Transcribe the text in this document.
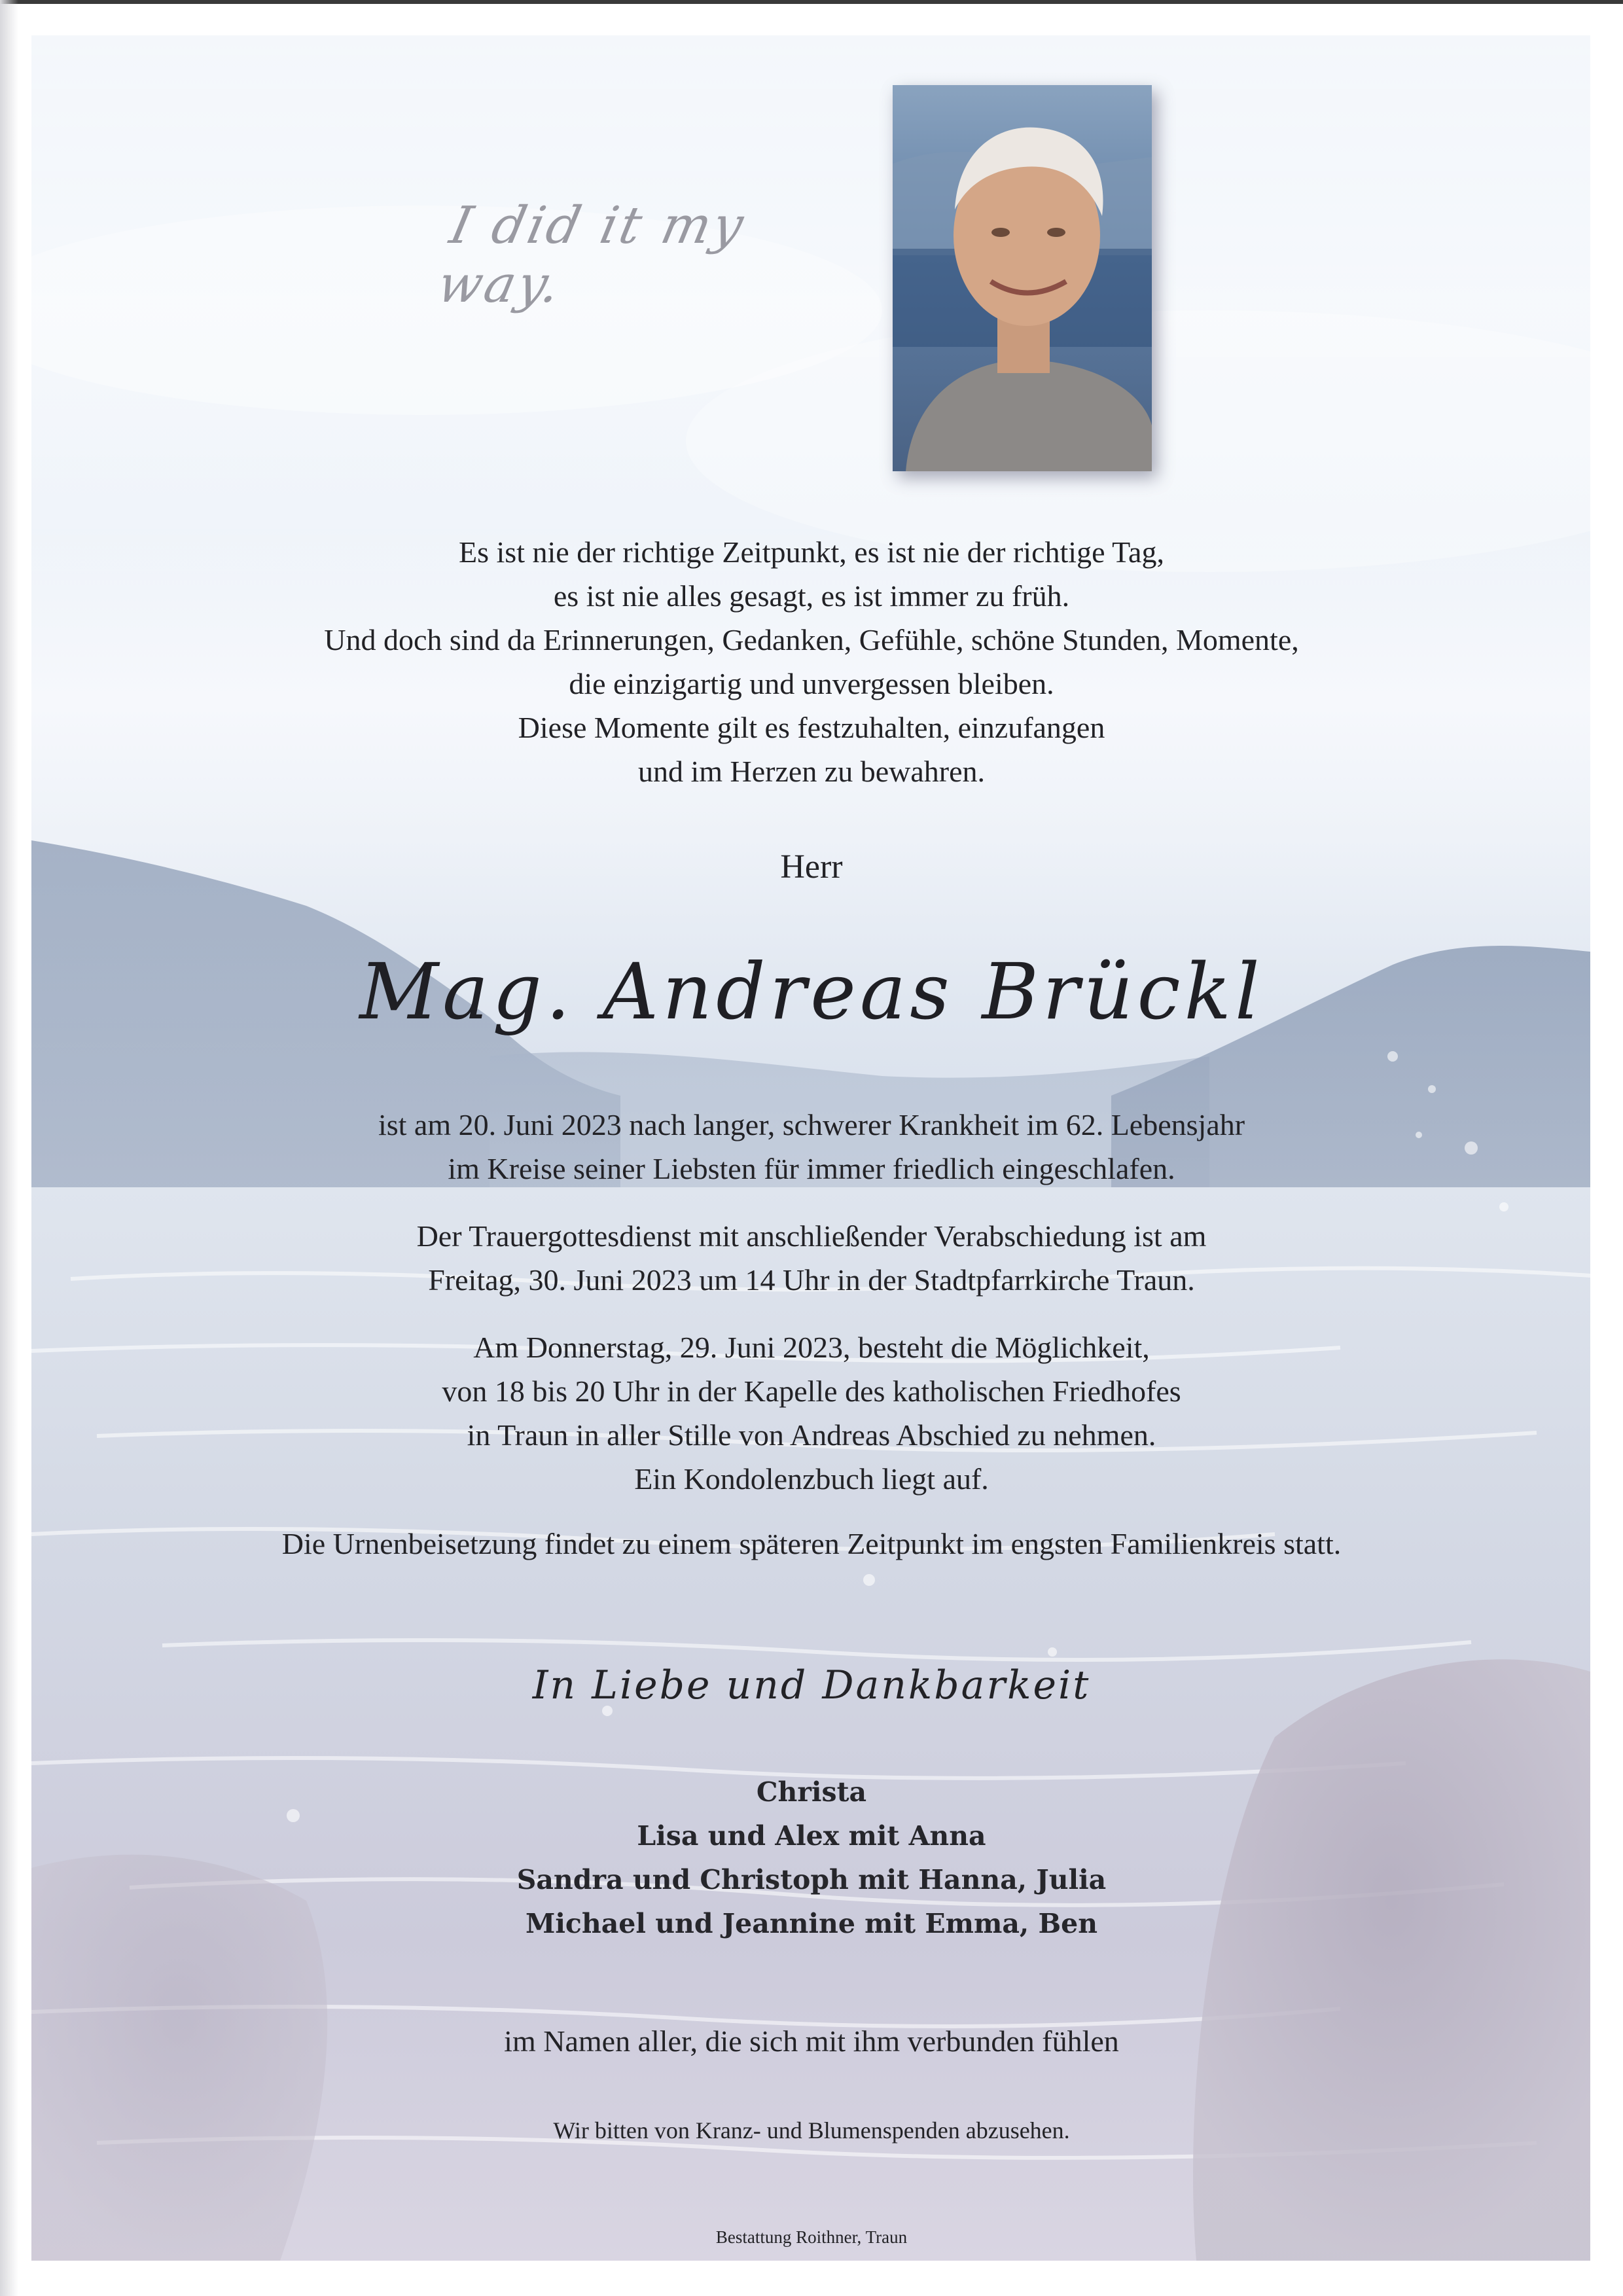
I did it my way.
Es ist nie der richtige Zeitpunkt, es ist nie der richtige Tag,
es ist nie alles gesagt, es ist immer zu früh.
Und doch sind da Erinnerungen, Gedanken, Gefühle, schöne Stunden, Momente,
die einzigartig und unvergessen bleiben.
Diese Momente gilt es festzuhalten, einzufangen
und im Herzen zu bewahren.
Herr
Mag. Andreas Brückl
ist am 20. Juni 2023 nach langer, schwerer Krankheit im 62. Lebensjahr
im Kreise seiner Liebsten für immer friedlich eingeschlafen.
Der Trauergottesdienst mit anschließender Verabschiedung ist am
Freitag, 30. Juni 2023 um 14 Uhr in der Stadtpfarrkirche Traun.
Am Donnerstag, 29. Juni 2023, besteht die Möglichkeit,
von 18 bis 20 Uhr in der Kapelle des katholischen Friedhofes
in Traun in aller Stille von Andreas Abschied zu nehmen.
Ein Kondolenzbuch liegt auf.
Die Urnenbeisetzung findet zu einem späteren Zeitpunkt im engsten Familienkreis statt.
In Liebe und Dankbarkeit
Christa
Lisa und Alex mit Anna
Sandra und Christoph mit Hanna, Julia
Michael und Jeannine mit Emma, Ben
im Namen aller, die sich mit ihm verbunden fühlen
Wir bitten von Kranz- und Blumenspenden abzusehen.
Bestattung Roithner, Traun
